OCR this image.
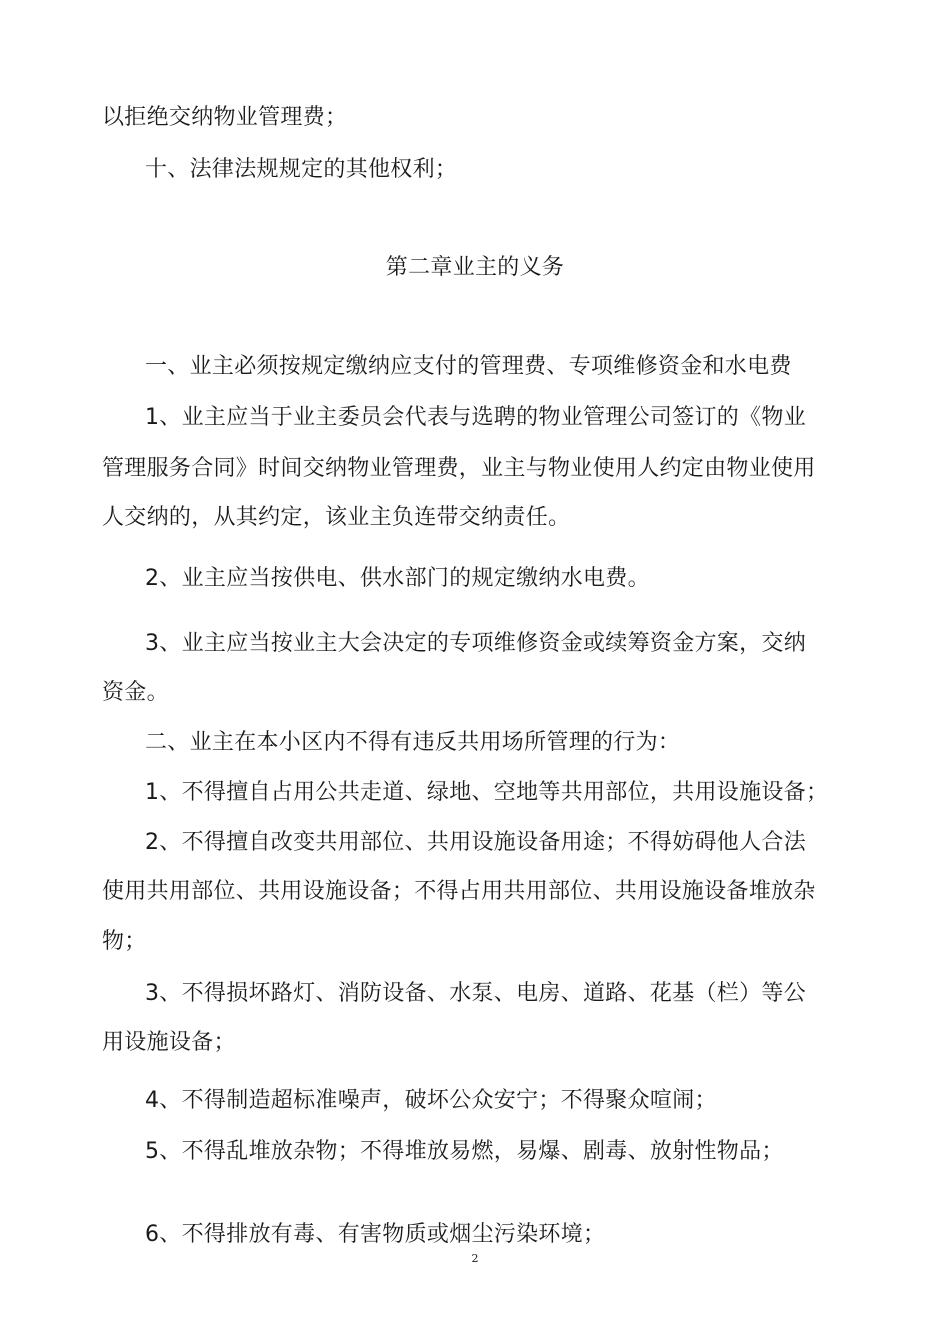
以拒绝交纳物业管理费；
十、法律法规规定的其他权利；
第二章业主的义务
一、业主必须按规定缴纳应支付的管理费、专项维修资金和水电费
1、业主应当于业主委员会代表与选聘的物业管理公司签订的《物业
管理服务合同》时间交纳物业管理费，业主与物业使用人约定由物业使用
人交纳的，从其约定，该业主负连带交纳责任。
2、业主应当按供电、供水部门的规定缴纳水电费。
3、业主应当按业主大会决定的专项维修资金或续筹资金方案，交纳
资金。
二、业主在本小区内不得有违反共用场所管理的行为：
1、不得擅自占用公共走道、绿地、空地等共用部位，共用设施设备；
2、不得擅自改变共用部位、共用设施设备用途；不得妨碍他人合法
使用共用部位、共用设施设备；不得占用共用部位、共用设施设备堆放杂
物；
3、不得损坏路灯、消防设备、水泵、电房、道路、花基（栏）等公
用设施设备；
4、不得制造超标准噪声，破坏公众安宁；不得聚众喧闹；
5、不得乱堆放杂物；不得堆放易燃，易爆、剧毒、放射性物品；
6、不得排放有毒、有害物质或烟尘污染环境；
2
